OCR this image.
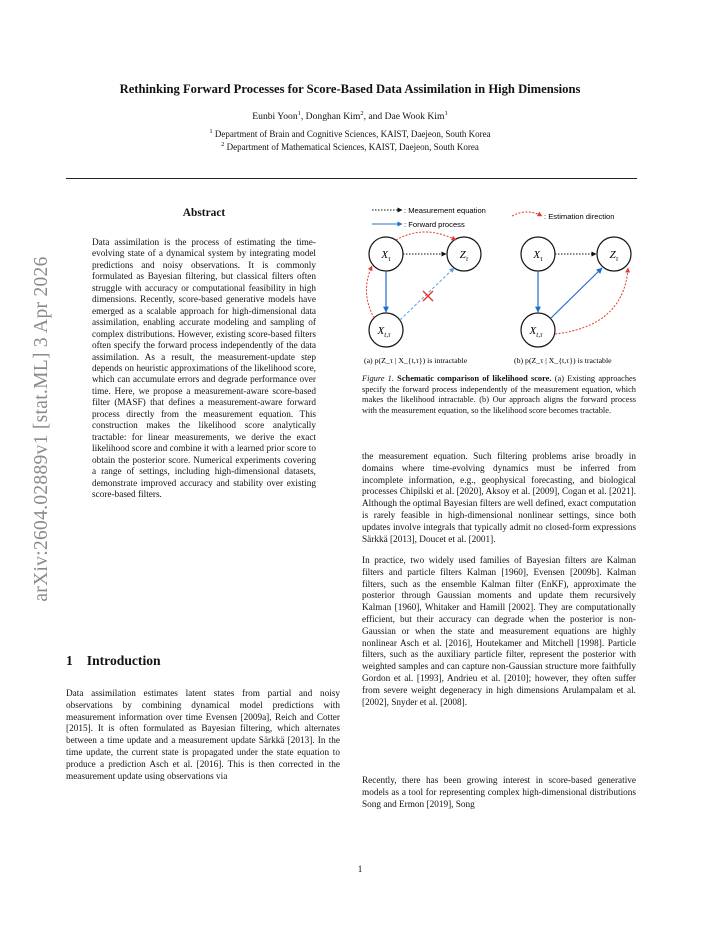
arXiv:2604.02889v1 [stat.ML] 3 Apr 2026
Rethinking Forward Processes for Score-Based Data Assimilation in High Dimensions
Eunbi Yoon$^1$, Donghan Kim$^2$, and Dae Wook Kim$^1$
$^1$ Department of Brain and Cognitive Sciences, KAIST, Daejeon, South Korea
$^2$ Department of Mathematical Sciences, KAIST, Daejeon, South Korea
Abstract
Data assimilation is the process of estimating the time-evolving state of a dynamical system by integrating model predictions and noisy observations. It is commonly formulated as Bayesian filtering, but classical filters often struggle with accuracy or computational feasibility in high dimensions. Recently, score-based generative models have emerged as a scalable approach for high-dimensional data assimilation, enabling accurate modeling and sampling of complex distributions. However, existing score-based filters often specify the forward process independently of the data assimilation. As a result, the measurement-update step depends on heuristic approximations of the likelihood score, which can accumulate errors and degrade performance over time. Here, we propose a measurement-aware score-based filter (MASF) that defines a measurement-aware forward process directly from the measurement equation. This construction makes the likelihood score analytically tractable: for linear measurements, we derive the exact likelihood score and combine it with a learned prior score to obtain the posterior score. Numerical experiments covering a range of settings, including high-dimensional datasets, demonstrate improved accuracy and stability over existing score-based filters.
1 Introduction
Data assimilation estimates latent states from partial and noisy observations by combining dynamical model predictions with measurement information over time Evensen [2009a], Reich and Cotter [2015]. It is often formulated as Bayesian filtering, which alternates between a time update and a measurement update Särkkä [2013]. In the time update, the current state is propagated under the state equation to produce a prediction Asch et al. [2016]. This is then corrected in the measurement update using observations via
: Measurement equation
: Forward process
: Estimation direction
$X_\tau$	$Z_\tau$
$X_{t,\tau}$
$X_\tau$	$Z_\tau$
$X_{t,\tau}$
(a) p(Z_τ | X_{t,τ}) is intractable	(b) p(Z_τ | X_{t,τ}) is tractable
Figure 1. Schematic comparison of likelihood score. (a) Existing approaches specify the forward process independently of the measurement equation, which makes the likelihood intractable. (b) Our approach aligns the forward process with the measurement equation, so the likelihood score becomes tractable.
the measurement equation. Such filtering problems arise broadly in domains where time-evolving dynamics must be inferred from incomplete information, e.g., geophysical forecasting, and biological processes Chipilski et al. [2020], Aksoy et al. [2009], Cogan et al. [2021]. Although the optimal Bayesian filters are well defined, exact computation is rarely feasible in high-dimensional nonlinear settings, since both updates involve integrals that typically admit no closed-form expressions Särkkä [2013], Doucet et al. [2001].
In practice, two widely used families of Bayesian filters are Kalman filters and particle filters Kalman [1960], Evensen [2009b]. Kalman filters, such as the ensemble Kalman filter (EnKF), approximate the posterior through Gaussian moments and update them recursively Kalman [1960], Whitaker and Hamill [2002]. They are computationally efficient, but their accuracy can degrade when the posterior is non-Gaussian or when the state and measurement equations are highly nonlinear Asch et al. [2016], Houtekamer and Mitchell [1998]. Particle filters, such as the auxiliary particle filter, represent the posterior with weighted samples and can capture non-Gaussian structure more faithfully Gordon et al. [1993], Andrieu et al. [2010]; however, they often suffer from severe weight degeneracy in high dimensions Arulampalam et al. [2002], Snyder et al. [2008].
Recently, there has been growing interest in score-based generative models as a tool for representing complex high-dimensional distributions Song and Ermon [2019], Song
1
